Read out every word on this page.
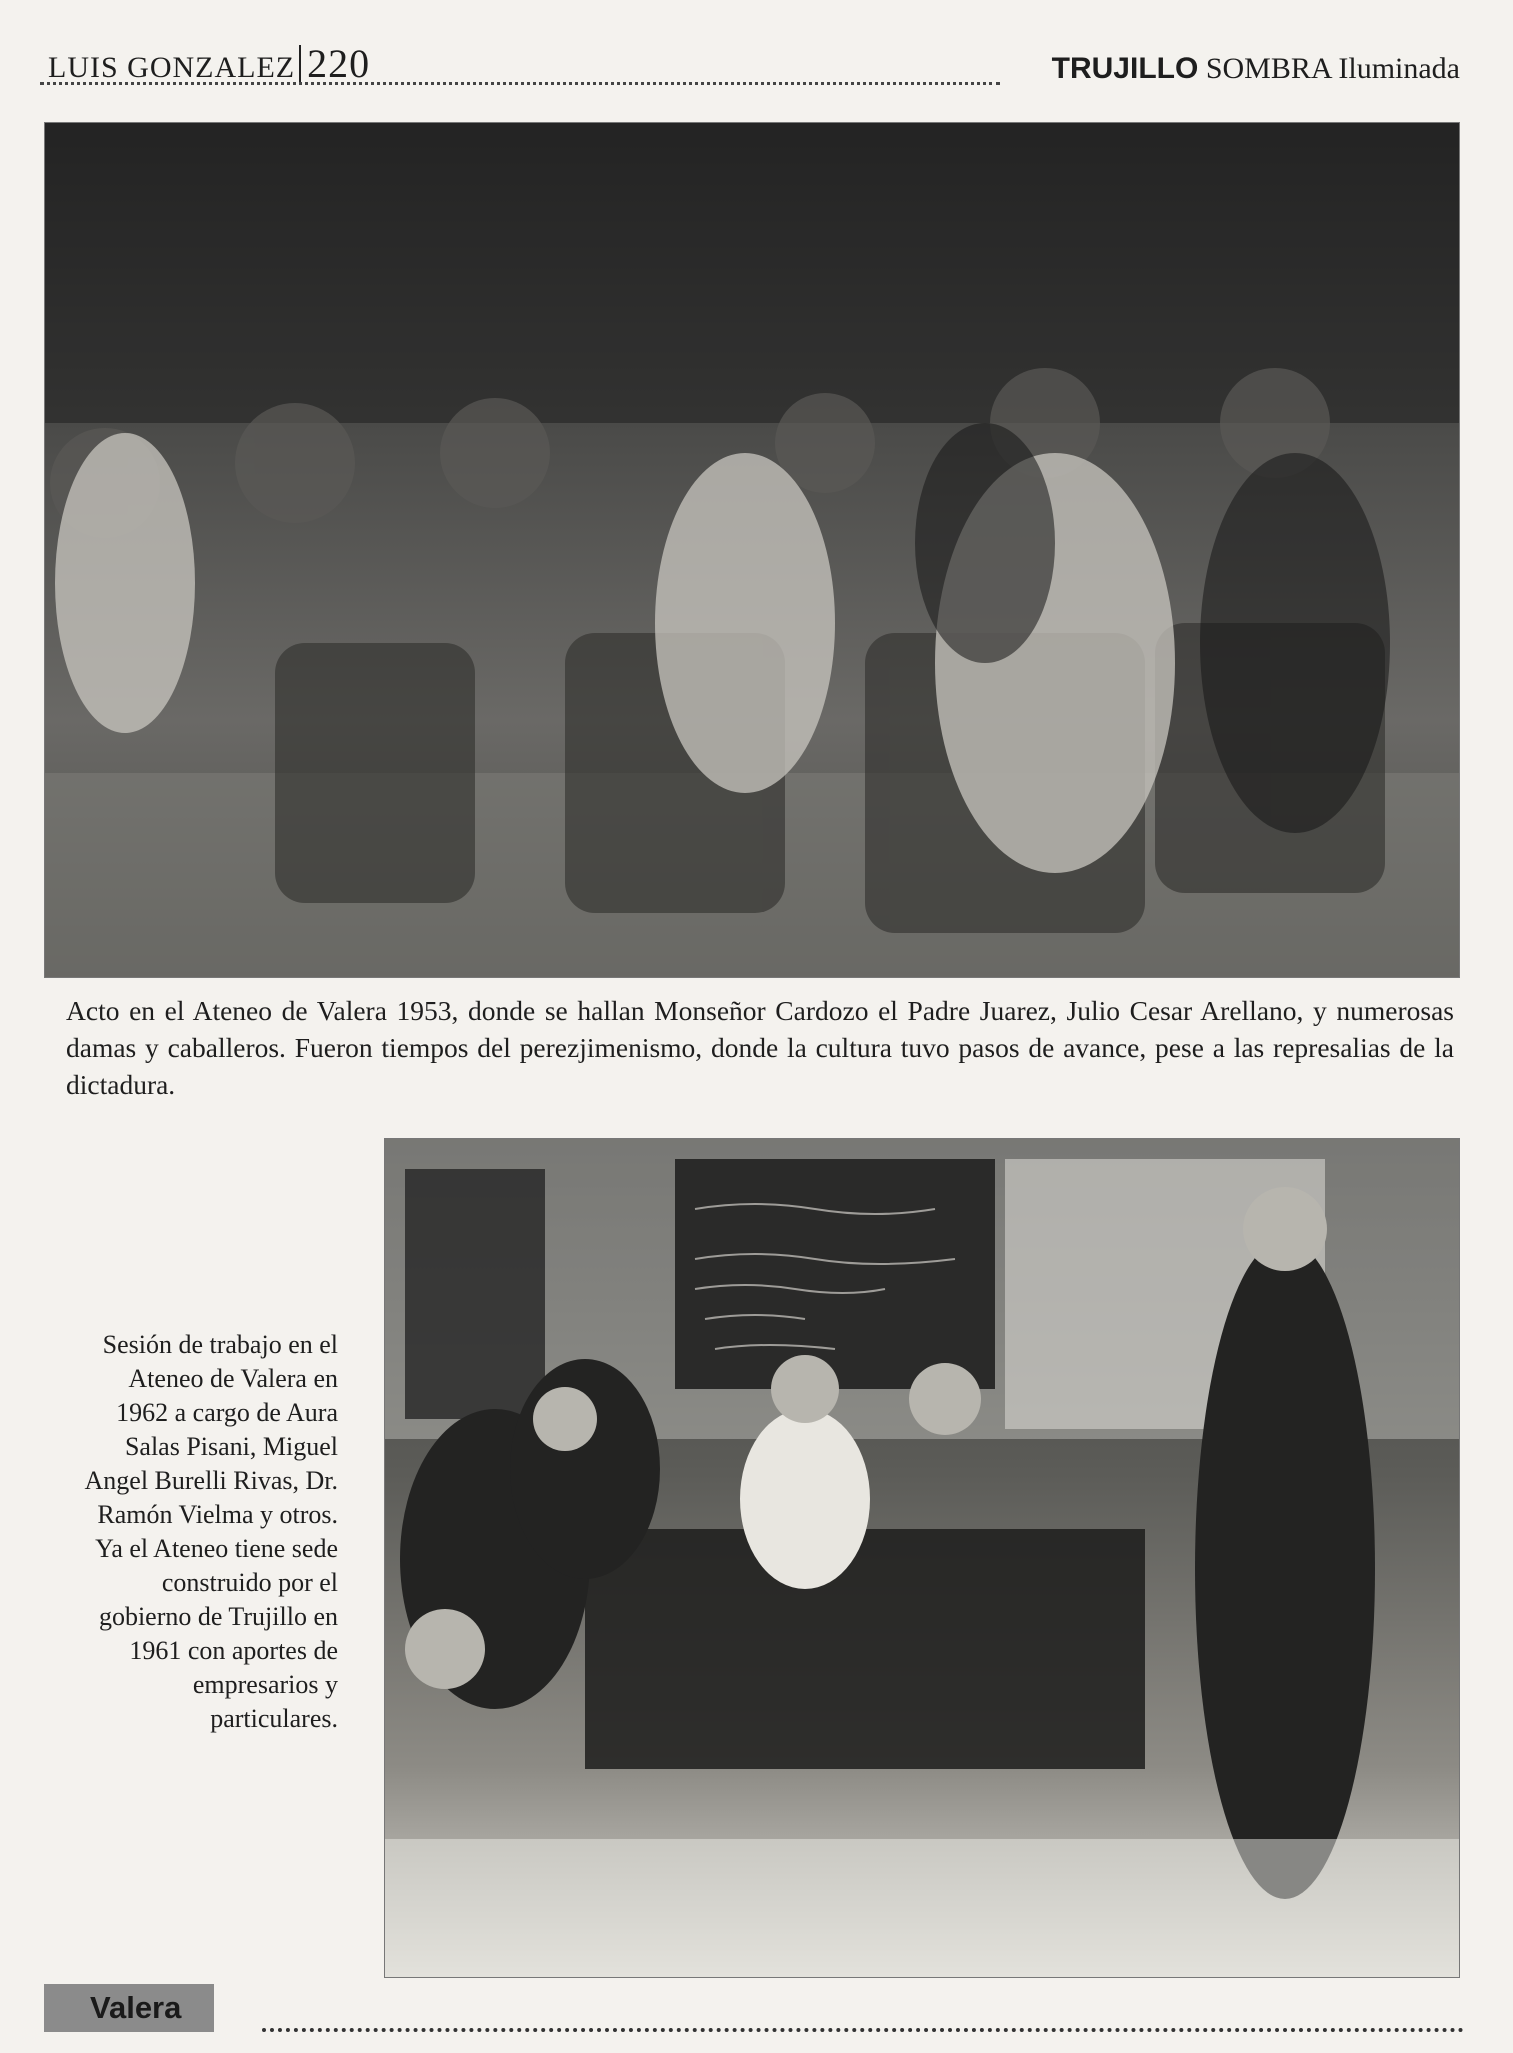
LUIS GONZALEZ 220	TRUJILLO SOMBRA Iluminada
Acto en el Ateneo de Valera 1953, donde se hallan Monseñor Cardozo el Padre Juarez, Julio Cesar Arellano, y numerosas damas y caballeros. Fueron tiempos del perezjimenismo, donde la cultura tuvo pasos de avance, pese a las represalias de la dictadura.
Sesión de trabajo en el Ateneo de Valera en 1962 a cargo de Aura Salas Pisani, Miguel Angel Burelli Rivas, Dr. Ramón Vielma y otros. Ya el Ateneo tiene sede construido por el gobierno de Trujillo en 1961 con aportes de empresarios y particulares.
Valera
